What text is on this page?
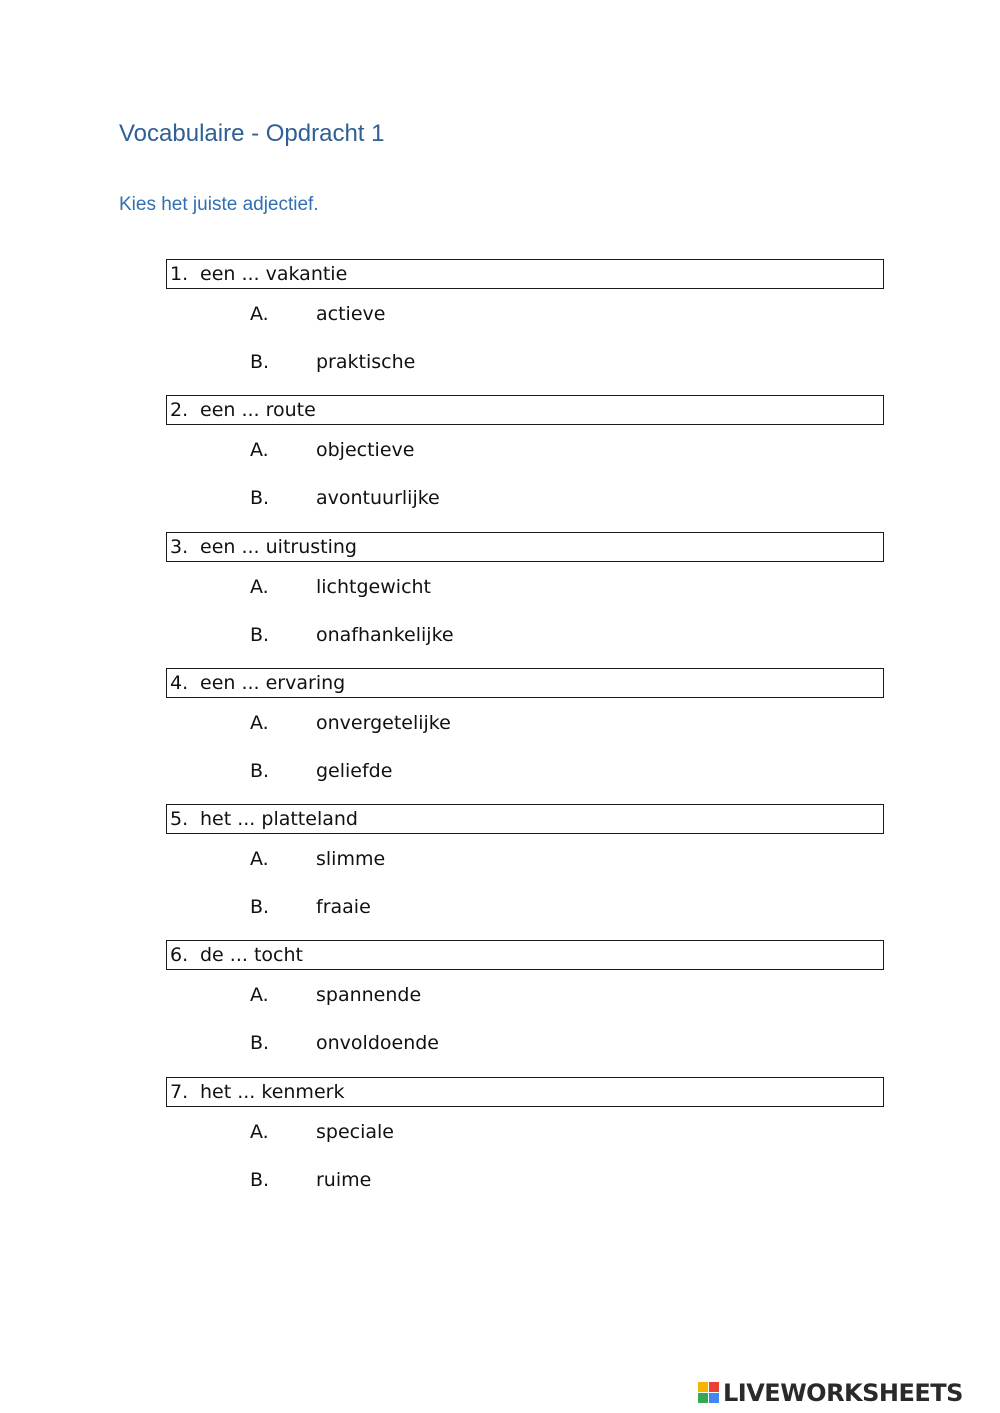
Vocabulaire - Opdracht 1

Kies het juiste adjectief.

1. een ... vakantie
A. actieve
B. praktische
2. een ... route
A. objectieve
B. avontuurlijke
3. een ... uitrusting
A. lichtgewicht
B. onafhankelijke
4. een ... ervaring
A. onvergetelijke
B. geliefde
5. het ... platteland
A. slimme
B. fraaie
6. de ... tocht
A. spannende
B. onvoldoende
7. het ... kenmerk
A. speciale
B. ruime
LIVEWORKSHEETS
